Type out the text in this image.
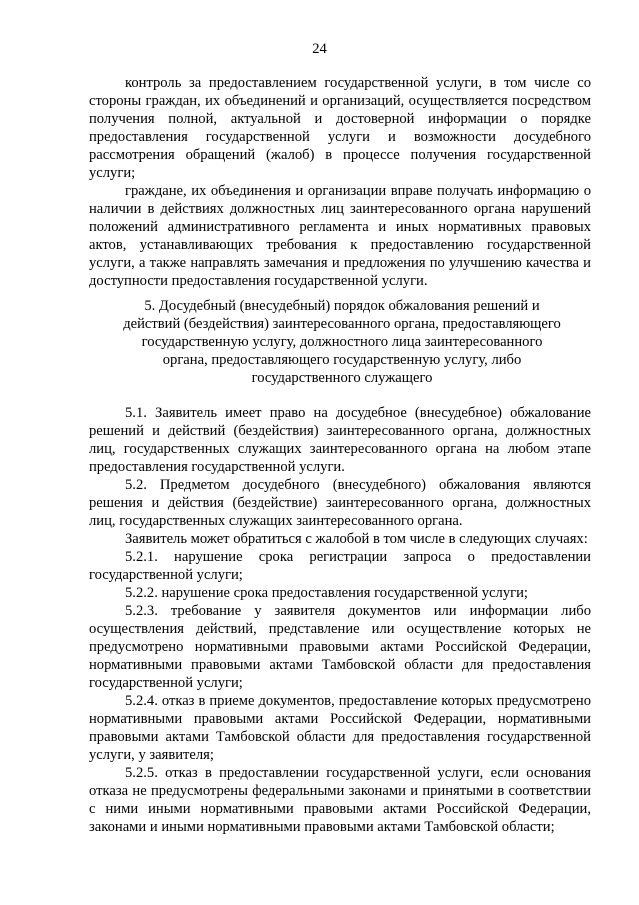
24

контроль за предоставлением государственной услуги, в том числе со стороны граждан, их объединений и организаций, осуществляется посредством получения полной, актуальной и достоверной информации о порядке предоставления государственной услуги и возможности досудебного рассмотрения обращений (жалоб) в процессе получения государственной услуги;

граждане, их объединения и организации вправе получать информацию о наличии в действиях должностных лиц заинтересованного органа нарушений положений административного регламента и иных нормативных правовых актов, устанавливающих требования к предоставлению государственной услуги, а также направлять замечания и предложения по улучшению качества и доступности предоставления государственной услуги.

5. Досудебный (внесудебный) порядок обжалования решений и действий (бездействия) заинтересованного органа, предоставляющего государственную услугу, должностного лица заинтересованного органа, предоставляющего государственную услугу, либо государственного служащего

5.1. Заявитель имеет право на досудебное (внесудебное) обжалование решений и действий (бездействия) заинтересованного органа, должностных лиц, государственных служащих заинтересованного органа на любом этапе предоставления государственной услуги.

5.2. Предметом досудебного (внесудебного) обжалования являются решения и действия (бездействие) заинтересованного органа, должностных лиц, государственных служащих заинтересованного органа.

Заявитель может обратиться с жалобой в том числе в следующих случаях:

5.2.1. нарушение срока регистрации запроса о предоставлении государственной услуги;

5.2.2. нарушение срока предоставления государственной услуги;

5.2.3. требование у заявителя документов или информации либо осуществления действий, представление или осуществление которых не предусмотрено нормативными правовыми актами Российской Федерации, нормативными правовыми актами Тамбовской области для предоставления государственной услуги;

5.2.4. отказ в приеме документов, предоставление которых предусмотрено нормативными правовыми актами Российской Федерации, нормативными правовыми актами Тамбовской области для предоставления государственной услуги, у заявителя;

5.2.5. отказ в предоставлении государственной услуги, если основания отказа не предусмотрены федеральными законами и принятыми в соответствии с ними иными нормативными правовыми актами Российской Федерации, законами и иными нормативными правовыми актами Тамбовской области;
